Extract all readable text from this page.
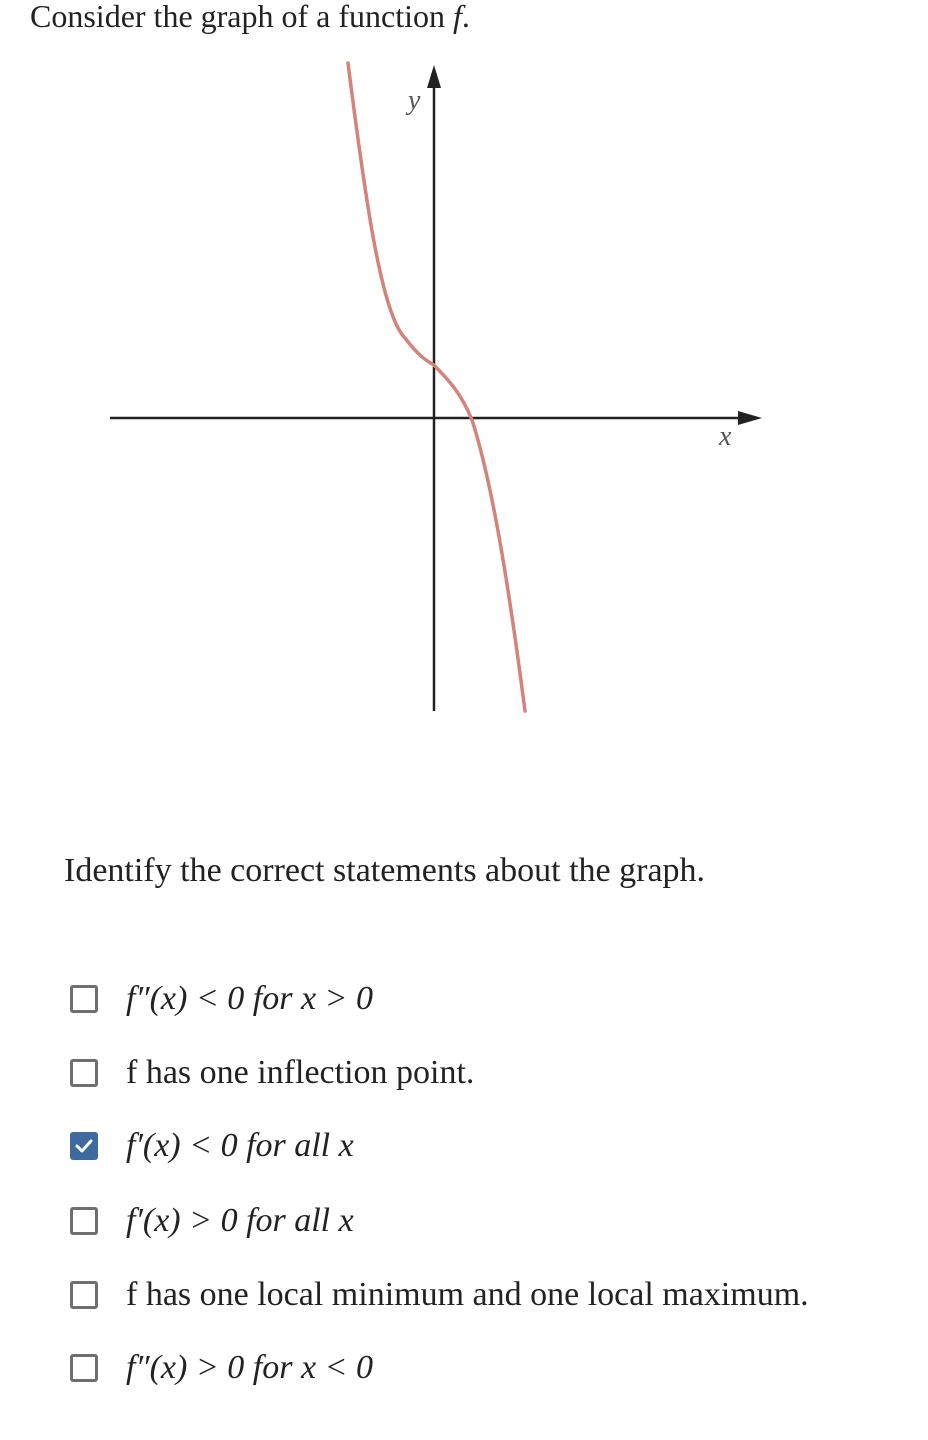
Consider the graph of a function f.
x
y
Identify the correct statements about the graph.
f″(x) < 0 for x > 0
f has one inflection point.
f′(x) < 0 for all x
f′(x) > 0 for all x
f has one local minimum and one local maximum.
f″(x) > 0 for x < 0
